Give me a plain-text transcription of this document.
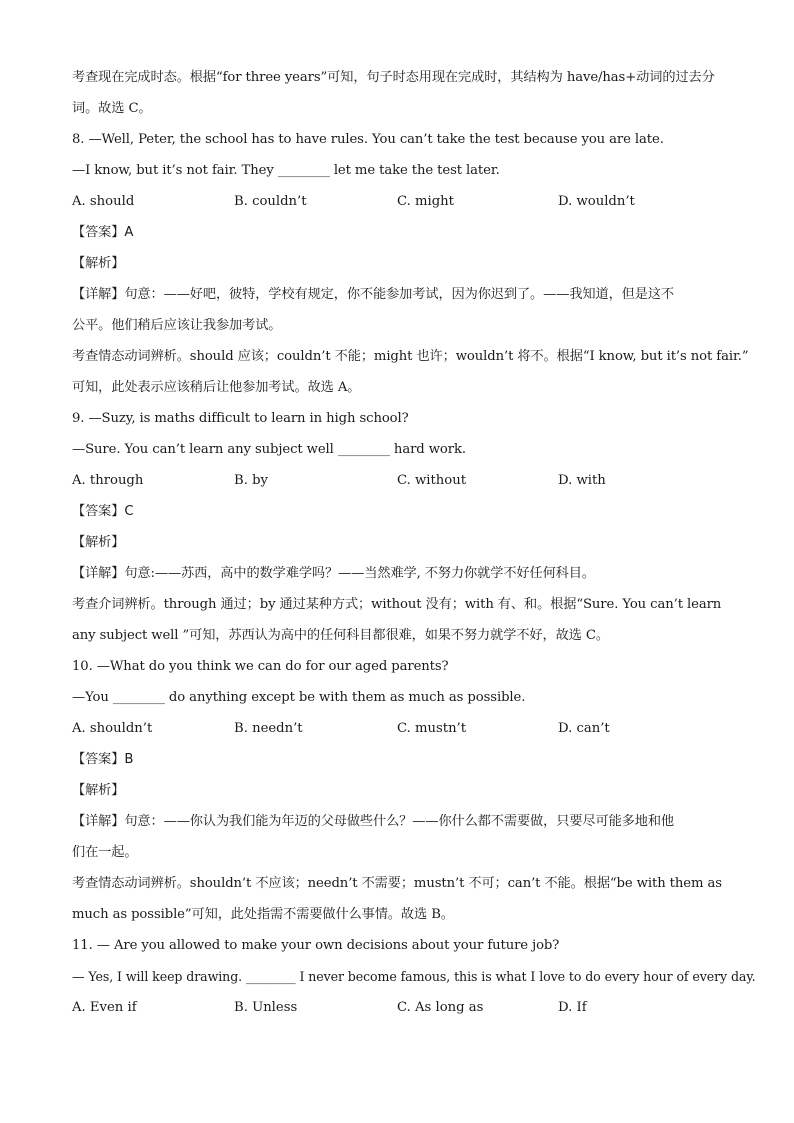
考查现在完成时态。根据“for three years”可知，句子时态用现在完成时，其结构为 have/has+动词的过去分
词。故选 C。
8. —Well, Peter, the school has to have rules. You can’t take the test because you are late.
—I know, but it’s not fair. They ________ let me take the test later.
A. should	B. couldn’t	C. might	D. wouldn’t
【答案】A
【解析】
【详解】句意：——好吧，彼特，学校有规定，你不能参加考试，因为你迟到了。——我知道，但是这不
公平。他们稍后应该让我参加考试。
考查情态动词辨析。should 应该；couldn’t 不能；might 也许；wouldn’t 将不。根据“I know, but it’s not fair.”
可知，此处表示应该稍后让他参加考试。故选 A。
9. —Suzy, is maths difficult to learn in high school?
—Sure. You can’t learn any subject well ________ hard work.
A. through	B. by	C. without	D. with
【答案】C
【解析】
【详解】句意:——苏西，高中的数学难学吗？——当然难学, 不努力你就学不好任何科目。
考查介词辨析。through 通过；by 通过某种方式；without 没有；with 有、和。根据“Sure. You can’t learn
any subject well ”可知，苏西认为高中的任何科目都很难，如果不努力就学不好，故选 C。
10. —What do you think we can do for our aged parents?
—You ________ do anything except be with them as much as possible.
A. shouldn’t	B. needn’t	C. mustn’t	D. can’t
【答案】B
【解析】
【详解】句意：——你认为我们能为年迈的父母做些什么？——你什么都不需要做，只要尽可能多地和他
们在一起。
考查情态动词辨析。shouldn’t 不应该；needn’t 不需要；mustn’t 不可；can’t 不能。根据“be with them as
much as possible”可知，此处指需不需要做什么事情。故选 B。
11. — Are you allowed to make your own decisions about your future job?
— Yes, I will keep drawing. ________ I never become famous, this is what I love to do every hour of every day.
A. Even if	B. Unless	C. As long as	D. If
